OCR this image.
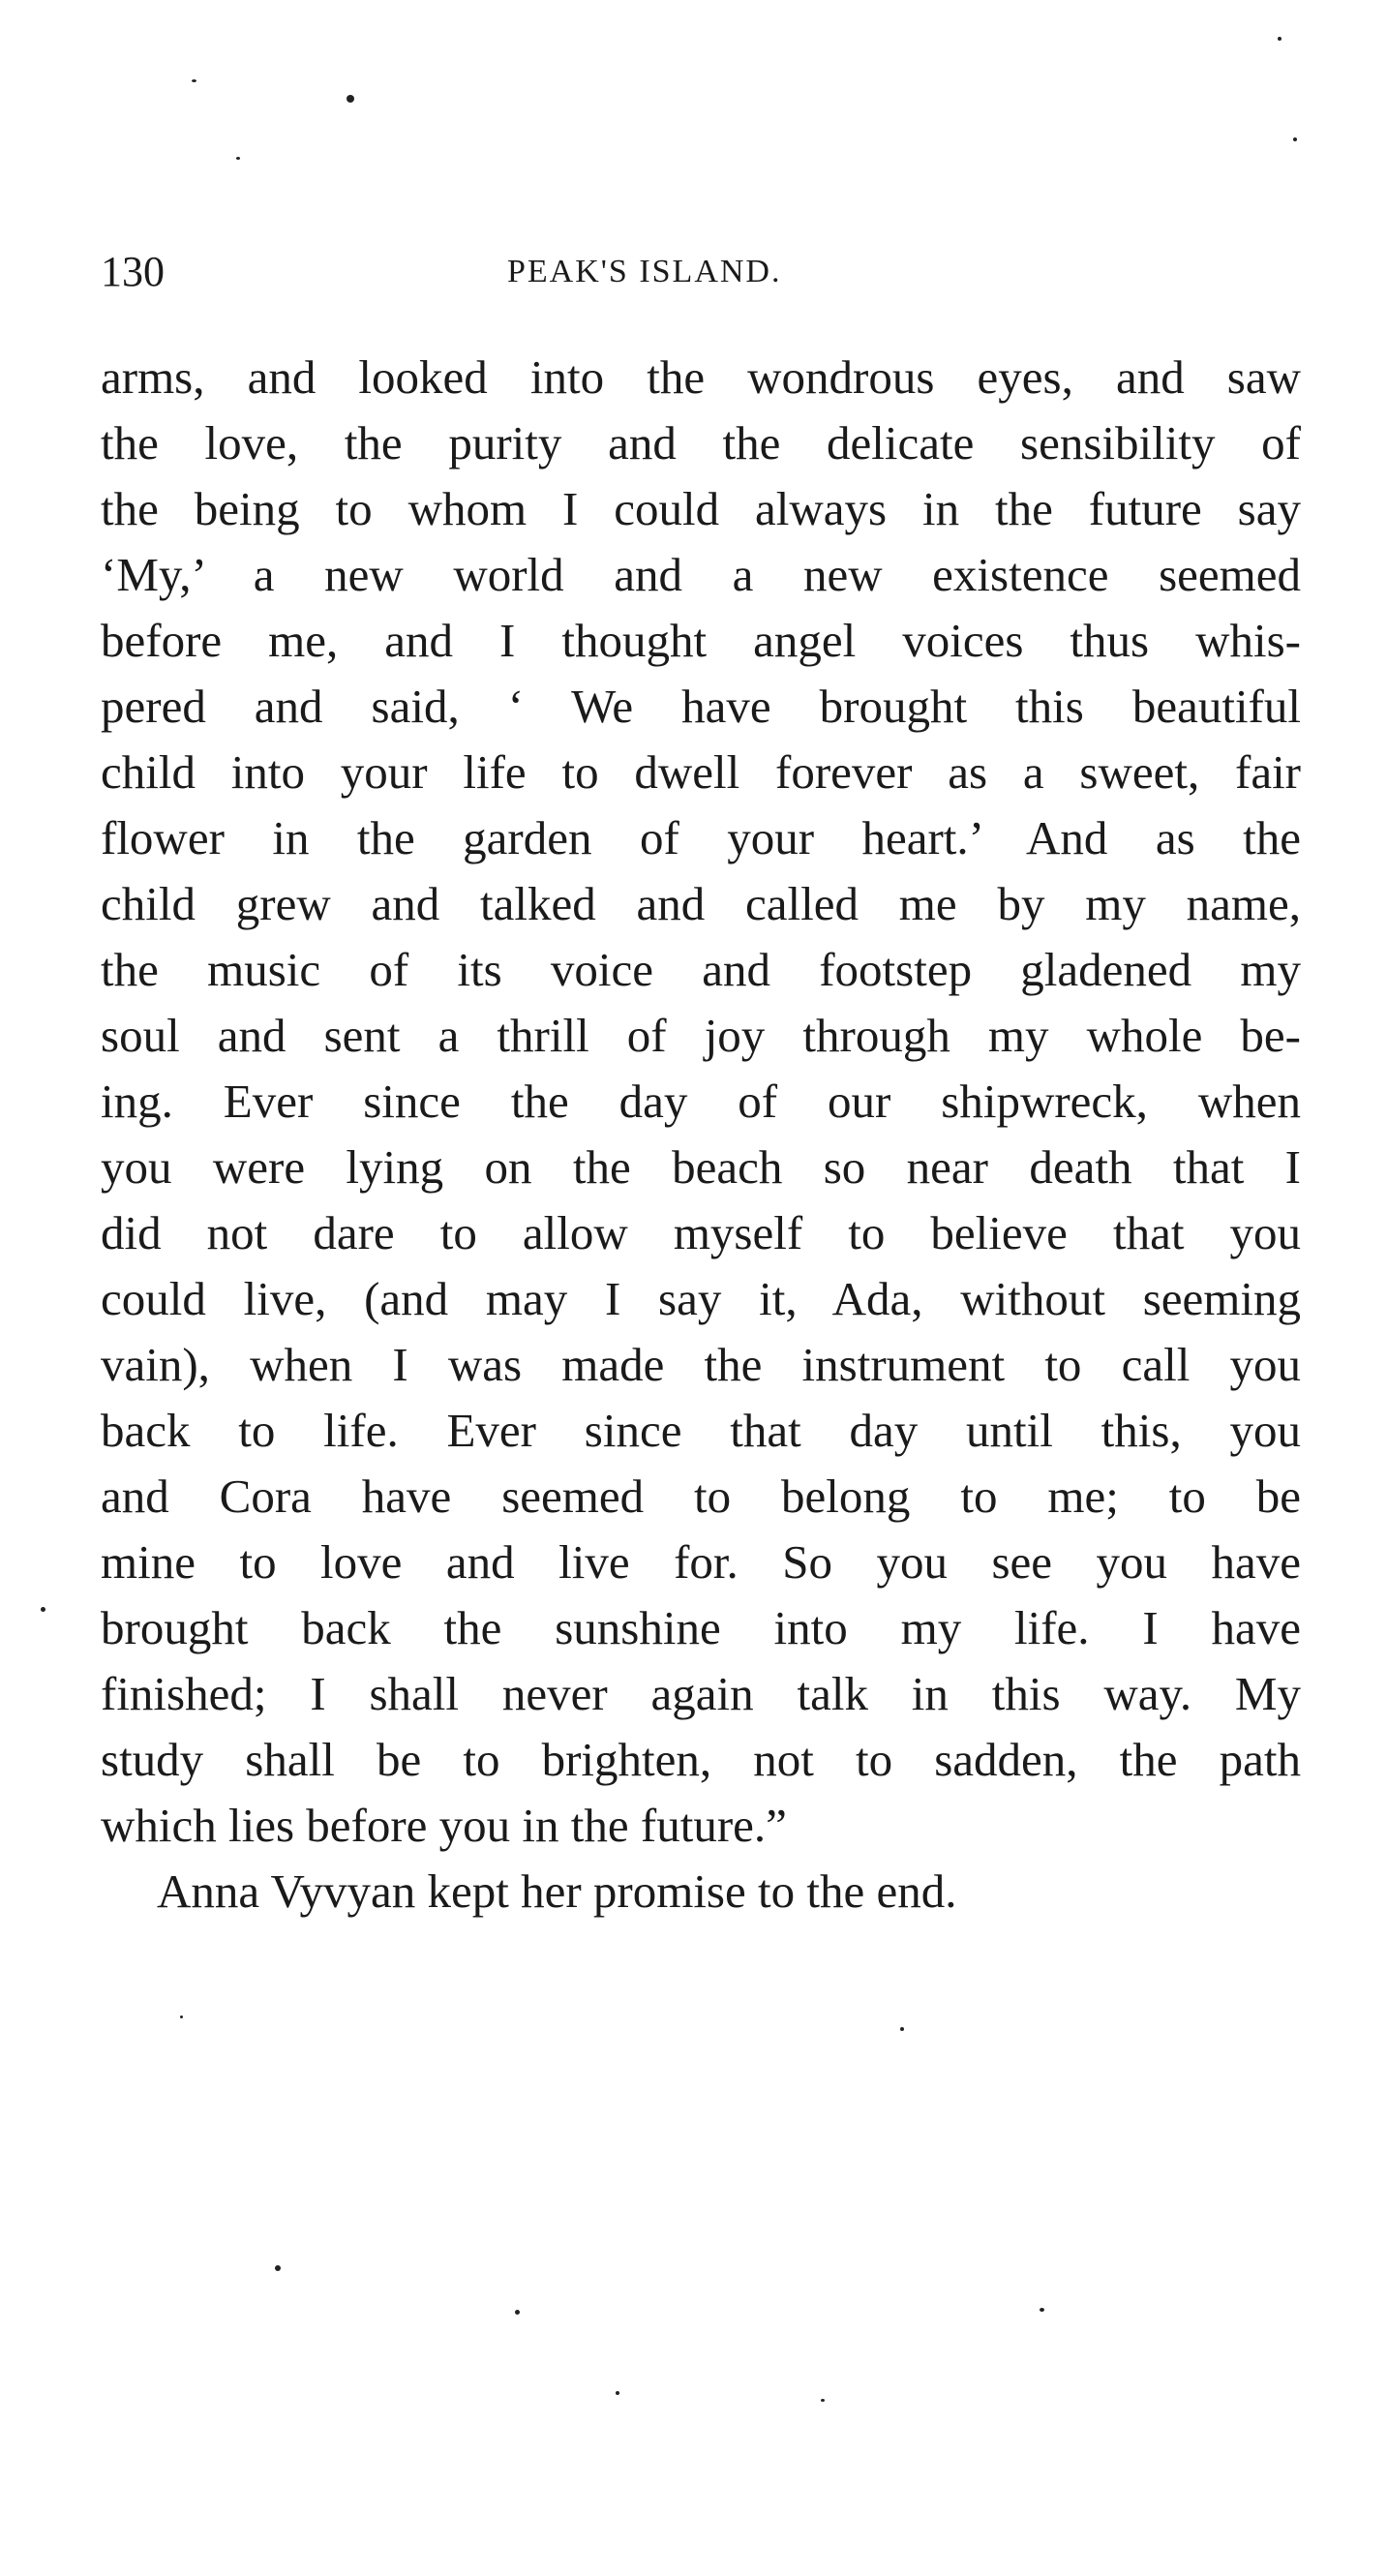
130	PEAK'S ISLAND.
arms, and looked into the wondrous eyes, and saw
the love, the purity and the delicate sensibility of
the being to whom I could always in the future say
‘My,’ a new world and a new existence seemed
before me, and I thought angel voices thus whis-
pered and said, ‘ We have brought this beautiful
child into your life to dwell forever as a sweet, fair
flower in the garden of your heart.’ And as the
child grew and talked and called me by my name,
the music of its voice and footstep gladened my
soul and sent a thrill of joy through my whole be-
ing. Ever since the day of our shipwreck, when
you were lying on the beach so near death that I
did not dare to allow myself to believe that you
could live, (and may I say it, Ada, without seeming
vain), when I was made the instrument to call you
back to life. Ever since that day until this, you
and Cora have seemed to belong to me; to be
mine to love and live for. So you see you have
brought back the sunshine into my life. I have
finished; I shall never again talk in this way. My
study shall be to brighten, not to sadden, the path
which lies before you in the future.”
Anna Vyvyan kept her promise to the end.
